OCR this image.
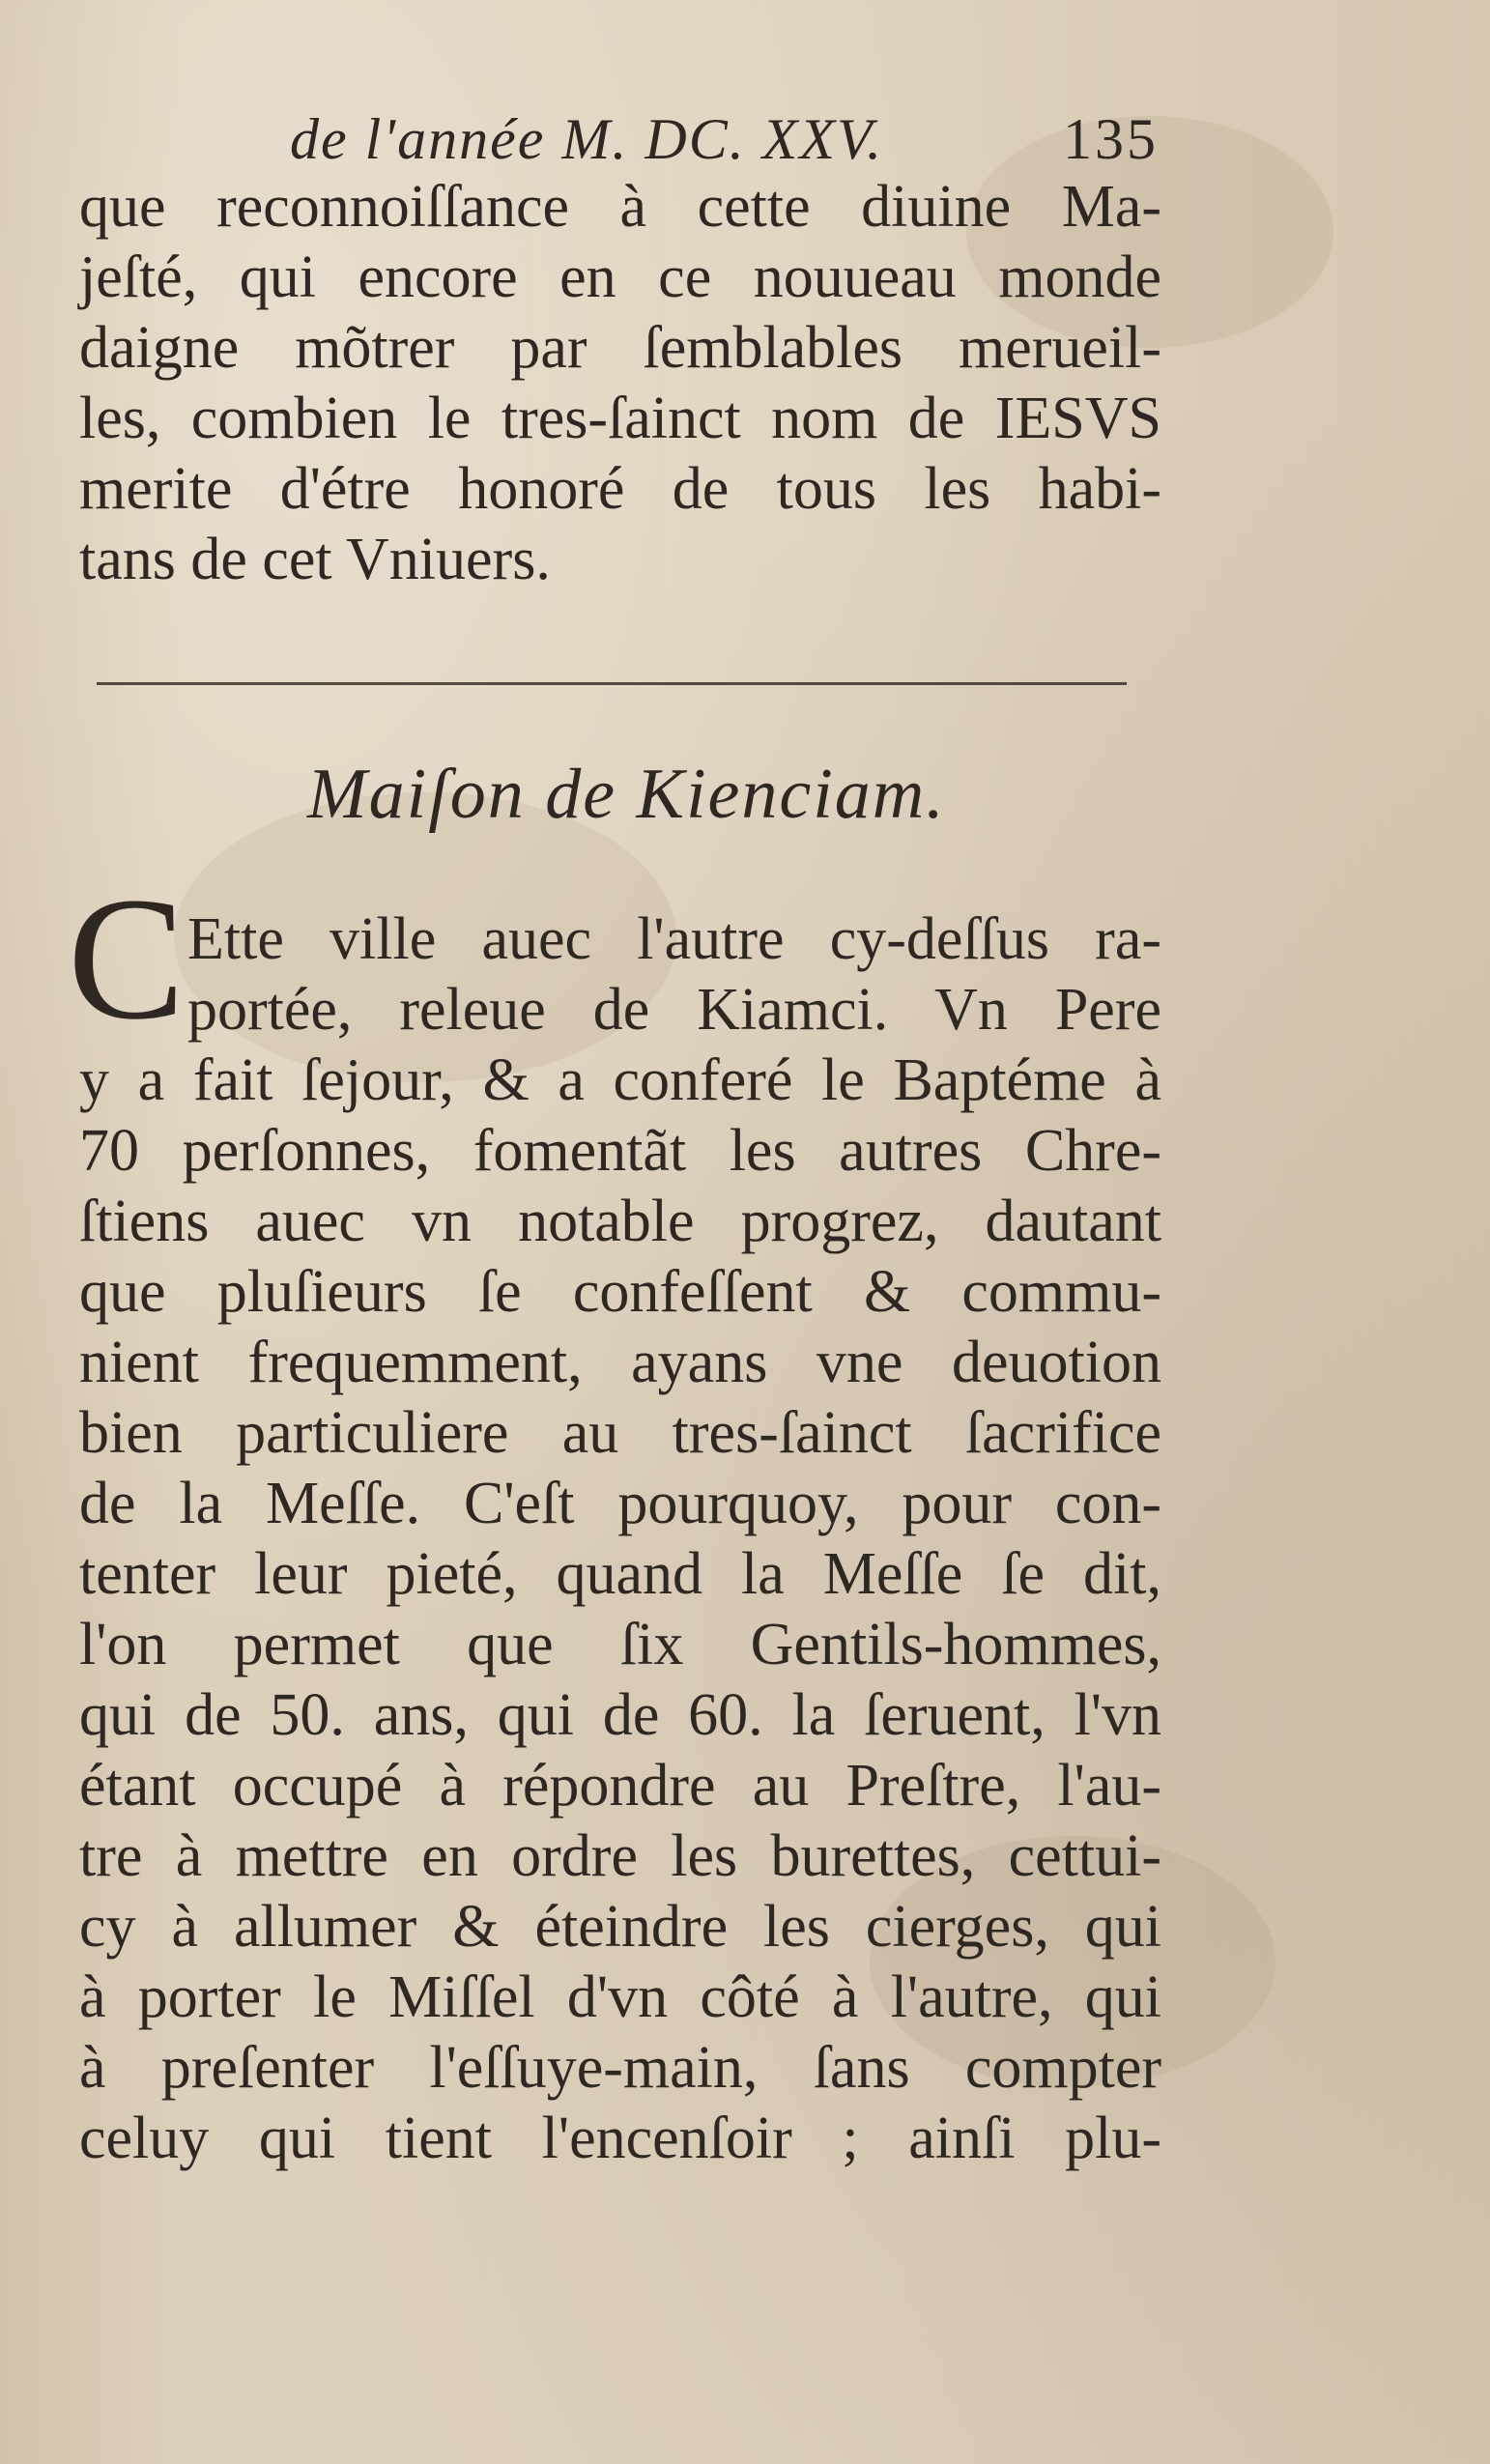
de l'année M. DC. XXV.	135
que reconnoiſſance à cette diuine Ma-
jeſté, qui encore en ce nouueau monde
daigne mõtrer par ſemblables merueil-
les, combien le tres-ſainct nom de IESVS
merite d'étre honoré de tous les habi-
tans de cet Vniuers.
Maiſon de Kienciam.
C Ette ville auec l'autre cy-deſſus ra-
portée, releue de Kiamci. Vn Pere
y a fait ſejour, & a conferé le Baptéme à
70 perſonnes, fomentãt les autres Chre-
ſtiens auec vn notable progrez, dautant
que pluſieurs ſe confeſſent & commu-
nient frequemment, ayans vne deuotion
bien particuliere au tres-ſainct ſacrifice
de la Meſſe. C'eſt pourquoy, pour con-
tenter leur pieté, quand la Meſſe ſe dit,
l'on permet que ſix Gentils-hommes,
qui de 50. ans, qui de 60. la ſeruent, l'vn
étant occupé à répondre au Preſtre, l'au-
tre à mettre en ordre les burettes, cettui-
cy à allumer & éteindre les cierges, qui
à porter le Miſſel d'vn côté à l'autre, qui
à preſenter l'eſſuye-main, ſans compter
celuy qui tient l'encenſoir ; ainſi plu-
